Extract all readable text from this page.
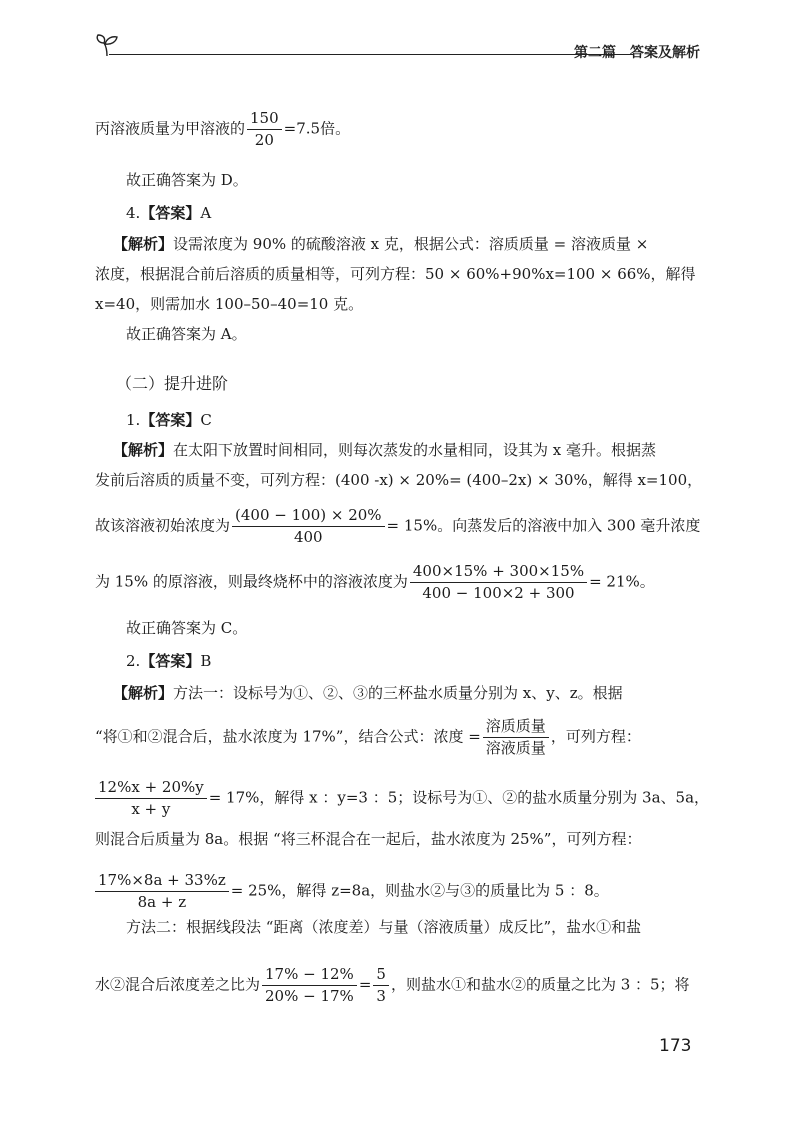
第二篇　答案及解析
丙溶液质量为甲溶液的 $\frac{150}{20} =7.5$倍。
故正确答案为 D。
4.【答案】A
【解析】设需浓度为 90% 的硫酸溶液 x 克，根据公式：溶质质量 = 溶液质量 ×
浓度，根据混合前后溶质的质量相等，可列方程：50 × 60%+90%x=100 × 66%，解得
x=40，则需加水 100–50–40=10 克。
故正确答案为 A。
（二）提升进阶
1.【答案】C
【解析】在太阳下放置时间相同，则每次蒸发的水量相同，设其为 x 毫升。根据蒸
发前后溶质的质量不变，可列方程：(400 -x) × 20%= (400–2x) × 30%，解得 x=100，
故该溶液初始浓度为 $\frac{(400 - 100) \times 20\%}{400} = 15\%$。向蒸发后的溶液中加入 300 毫升浓度
为 15% 的原溶液，则最终烧杯中的溶液浓度为 $\frac{400\times 15\% + 300\times 15\%}{400 - 100\times 2 + 300} = 21\%$。
故正确答案为 C。
2.【答案】B
【解析】方法一：设标号为①、②、③的三杯盐水质量分别为 x、y、z。根据
“将①和②混合后，盐水浓度为 17%”，结合公式：浓度 = $\frac{\text{溶质质量}}{\text{溶液质量}}$ ，可列方程：
$\frac{12\%x + 20\%y}{x + y} = 17\%$，解得 x ：y=3 ：5；设标号为①、②的盐水质量分别为 3a、5a，
则混合后质量为 8a。根据 “将三杯混合在一起后，盐水浓度为 25%”，可列方程：
$\frac{17\%\times 8a + 33\%z}{8a + z} = 25\%$，解得 z=8a，则盐水②与③的质量比为 5 ：8。
方法二：根据线段法 “距离（浓度差）与量（溶液质量）成反比”，盐水①和盐
水②混合后浓度差之比为 $\frac{17\% - 12\%}{20\% - 17\%} = \frac{5}{3}$ ，则盐水①和盐水②的质量之比为 3 ：5；将
173
